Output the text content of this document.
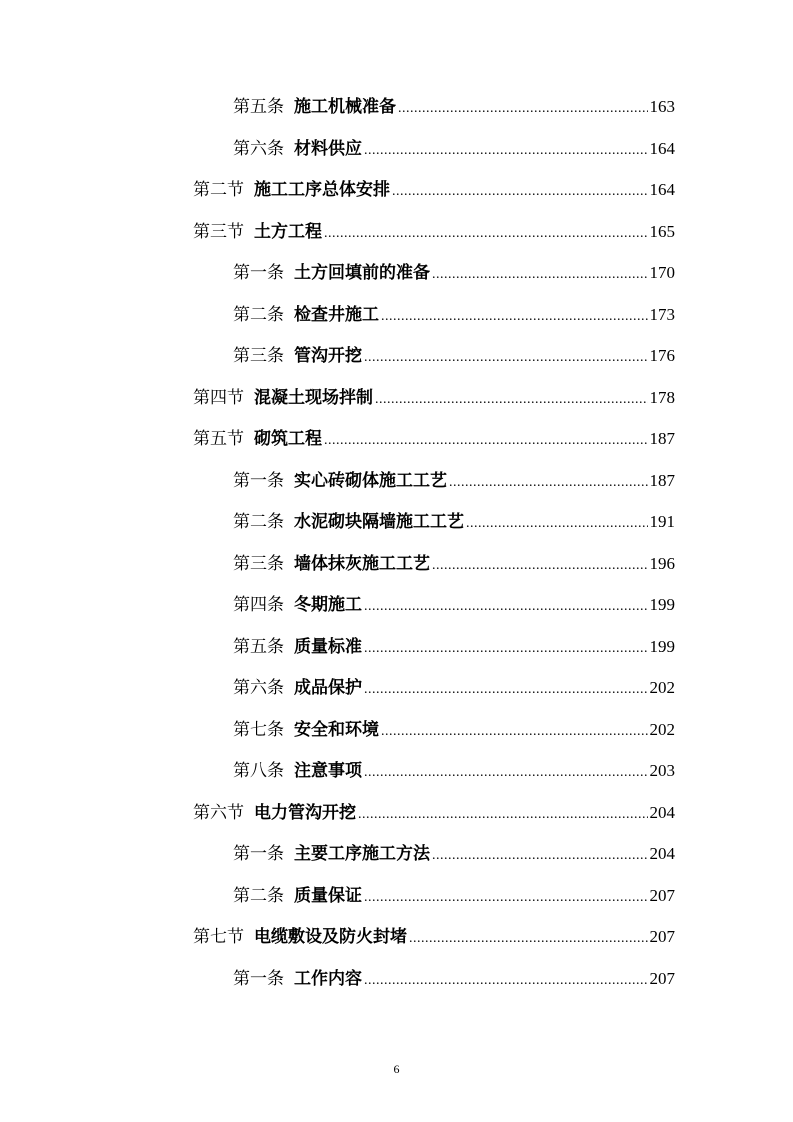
第五条 施工机械准备 .....	163
第六条 材料供应 .....	164
第二节 施工工序总体安排 .....	164
第三节 土方工程 .....	165
第一条 土方回填前的准备 .....	170
第二条 检查井施工 .....	173
第三条 管沟开挖 .....	176
第四节 混凝土现场拌制 .....	178
第五节 砌筑工程 .....	187
第一条 实心砖砌体施工工艺 .....	187
第二条 水泥砌块隔墙施工工艺 .....	191
第三条 墙体抹灰施工工艺 .....	196
第四条 冬期施工 .....	199
第五条 质量标准 .....	199
第六条 成品保护 .....	202
第七条 安全和环境 .....	202
第八条 注意事项 .....	203
第六节 电力管沟开挖 .....	204
第一条 主要工序施工方法 .....	204
第二条 质量保证 .....	207
第七节 电缆敷设及防火封堵 .....	207
第一条 工作内容 .....	207
6
